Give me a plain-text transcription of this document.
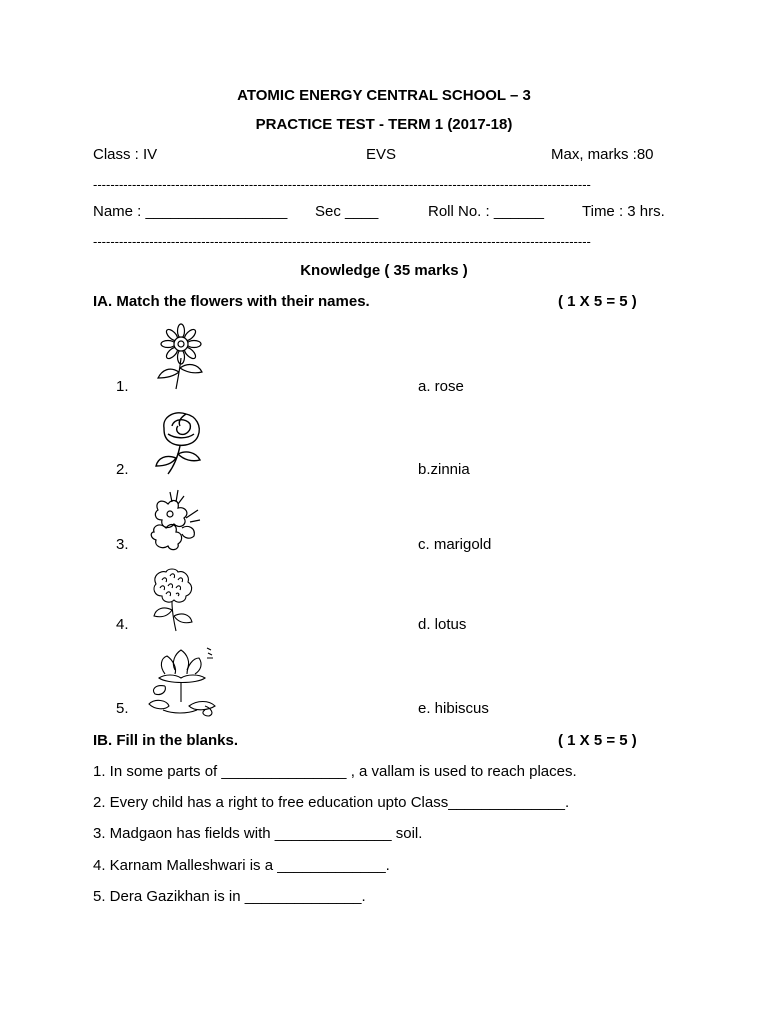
ATOMIC ENERGY CENTRAL SCHOOL – 3
PRACTICE TEST - TERM 1 (2017-18)
Class : IV	EVS	Max, marks :80
-------------------------------------------------------------------------------------------------------------------
Name : _________________ Sec ____	Roll No. : ______	Time : 3 hrs.
-------------------------------------------------------------------------------------------------------------------
Knowledge ( 35 marks )
IA. Match the flowers with their names.	( 1 X 5 = 5 )
1.	a. rose
2.	b.zinnia
3.	c. marigold
4.	d. lotus
5.	e. hibiscus
IB. Fill in the blanks.	( 1 X 5 = 5 )
1. In some parts of _______________ , a vallam is used to reach places.
2. Every child has a right to free education upto Class______________.
3. Madgaon has fields with ______________ soil.
4. Karnam Malleshwari is a _____________.
5. Dera Gazikhan is in ______________.
